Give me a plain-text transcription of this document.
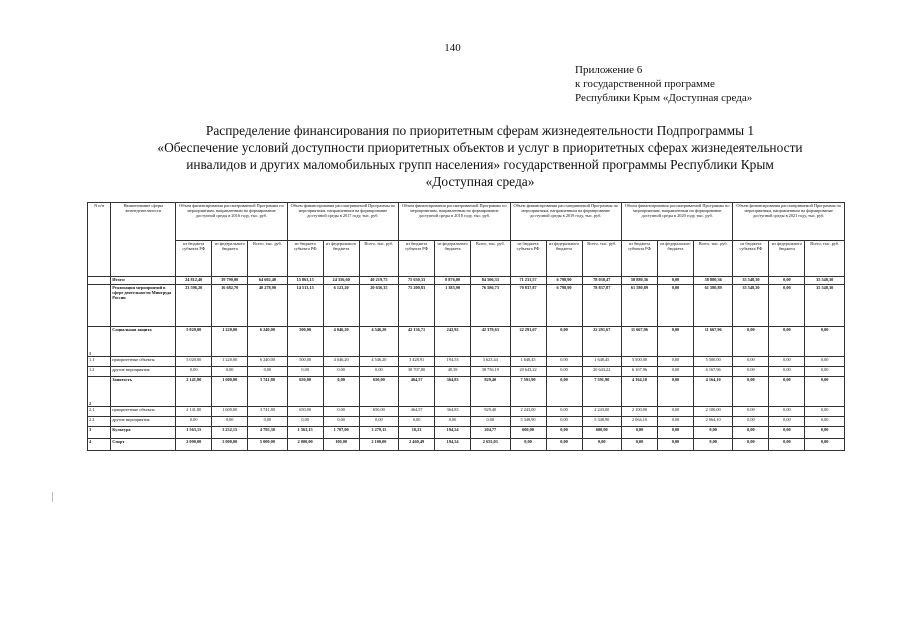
140
Приложение 6
к государственной программе
Республики Крым «Доступная среда»
Распределение финансирования по приоритетным сферам жизнедеятельности Подпрограммы 1
«Обеспечение условий доступности приоритетных объектов и услуг в приоритетных сферах жизнедеятельности
инвалидов и других маломобильных групп населения» государственной программы Республики Крым
«Доступная среда»
N п/п	Наименование сферы жизнедеятельности	Объем финансирования рассматриваемой Программы по мероприятиям, направленным на формирование доступной среды в 2016 году, тыс. руб.			Объем финансирования рассматриваемой Программы по мероприятиям, направленным на формирование доступной среды в 2017 году, тыс. руб.			Объем финансирования рассматриваемой Программы по мероприятиям, направленным на формирование доступной среды в 2018 году, тыс. руб.			Объем финансирования рассматриваемой Программы по мероприятиям, направленным на формирование доступной среды в 2019 году, тыс. руб.			Объем финансирования рассматриваемой Программы по мероприятиям, направленным на формирование доступной среды в 2020 году, тыс. руб.			Объем финансирования рассматриваемой Программы по мероприятиям, направленным на формирование доступной среды в 2021 году, тыс. руб.		
		из бюджета субъекта РФ	из федерального бюджета	Всего, тыс. руб.	из бюджета субъекта РФ	из федерального бюджета	Всего, тыс. руб.	из бюджета субъекта РФ	из федерального бюджета	Всего, тыс. руб.	из бюджета субъекта РФ	из федерального бюджета	Всего, тыс. руб.	из бюджета субъекта РФ	из федерального бюджета	Всего, тыс. руб.	из бюджета субъекта РФ	из федерального бюджета	Всего, тыс. руб.
	Итого:	24 812,40	39 790,00	64 602,40	15 863,15	24 356,60	40 219,75	75 630,33	8 876,00	84 506,33	71 231,57	6 798,90	78 030,47	58 880,36	0,00	58 880,36	35 548,30	0,00	35 548,30
	Реализация мероприятий в сфере деятельности Минтруда России	23 596,20	16 682,70	40 278,90	14 513,15	6 123,20	20 636,35	75 200,83	1 385,90	76 586,73	70 837,87	6 798,90	78 837,87	61 580,89	0,00	61 580,89	35 548,30	0,00	35 548,30
1	Социальная защита	5 020,00	1 220,00	6 240,00	500,00	4 046,20	4 546,20	42 136,71	242,92	42 379,63	22 291,67	0,00	22 291,67	11 667,96	0,00	11 667,96	0,00	0,00	0,00
1.1	приоритетные объекты	5 020,00	1 220,00	6 240,00	500,00	4 046,20	4 546,20	3 428,91	194,53	3 623,44	1 648,45	0,00	1 648,45	5 500,00	0,00	5 500,00	0,00	0,00	0,00
1.2	другие мероприятия	0,00	0,00	0,00	0,00	0,00	0,00	38 707,80	48,39	38 756,19	20 643,22	0,00	20 643,22	6 167,96	0,00	6 167,96	0,00	0,00	0,00
2	Занятость	2 141,80	1 600,00	3 741,80	650,00	0,00	650,00	464,57	364,83	829,40	7 591,90	0,00	7 591,90	4 164,10	0,00	4 164,10	0,00	0,00	0,00
2.1	приоритетные объекты	2 141,80	1 600,00	3 741,80	650,00	0,00	650,00	464,57	364,83	829,40	2 243,00	0,00	2 243,00	2 100,00	0,00	2 100,00	0,00	0,00	0,00
2.2	другие мероприятия	0,00	0,00	0,00	0,00	0,00	0,00	0,00	0,00	0,00	5 348,90	0,00	5 348,90	2 064,10	0,00	2 064,10	0,00	0,00	0,00
3	Культура	1 563,15	3 232,15	4 795,30	1 563,15	1 707,00	3 270,15	10,23	194,54	204,77	600,00	0,00	600,00	0,00	0,00	0,00	0,00	0,00	0,00
4	Спорт	2 000,00	3 000,00	5 000,00	2 000,00	100,00	2 100,00	2 460,49	194,54	2 655,03	0,00	0,00	0,00	0,00	0,00	0,00	0,00	0,00	0,00
